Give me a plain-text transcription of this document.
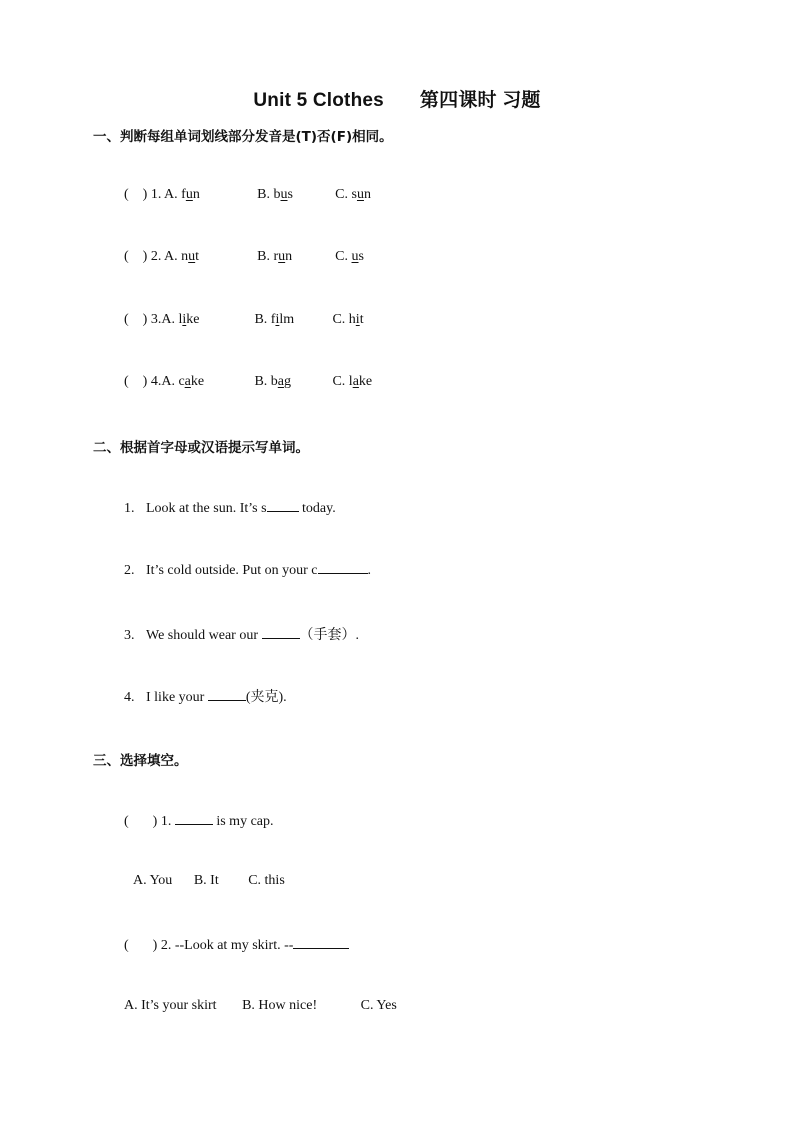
Unit 5 Clothes 第四课时 习题
一、判断每组单词划线部分发音是(T)否(F)相同。
( ) 1. A. fun	B. bus	C. sun
( ) 2. A. nut	B. run	C. us
( ) 3.A. like	B. film	C. hit
( ) 4.A. cake	B. bag	C. lake
二、根据首字母或汉语提示写单词。
1. Look at the sun. It’s s today.
2. It’s cold outside. Put on your c	.
3. We should wear our	（手套）.
4. I like your	(夹克).
三、选择填空。
( ) 1.	is my cap.
A. You B. It C. this
( ) 2. --Look at my skirt. --
A. It’s your skirt B. How nice!	C. Yes
